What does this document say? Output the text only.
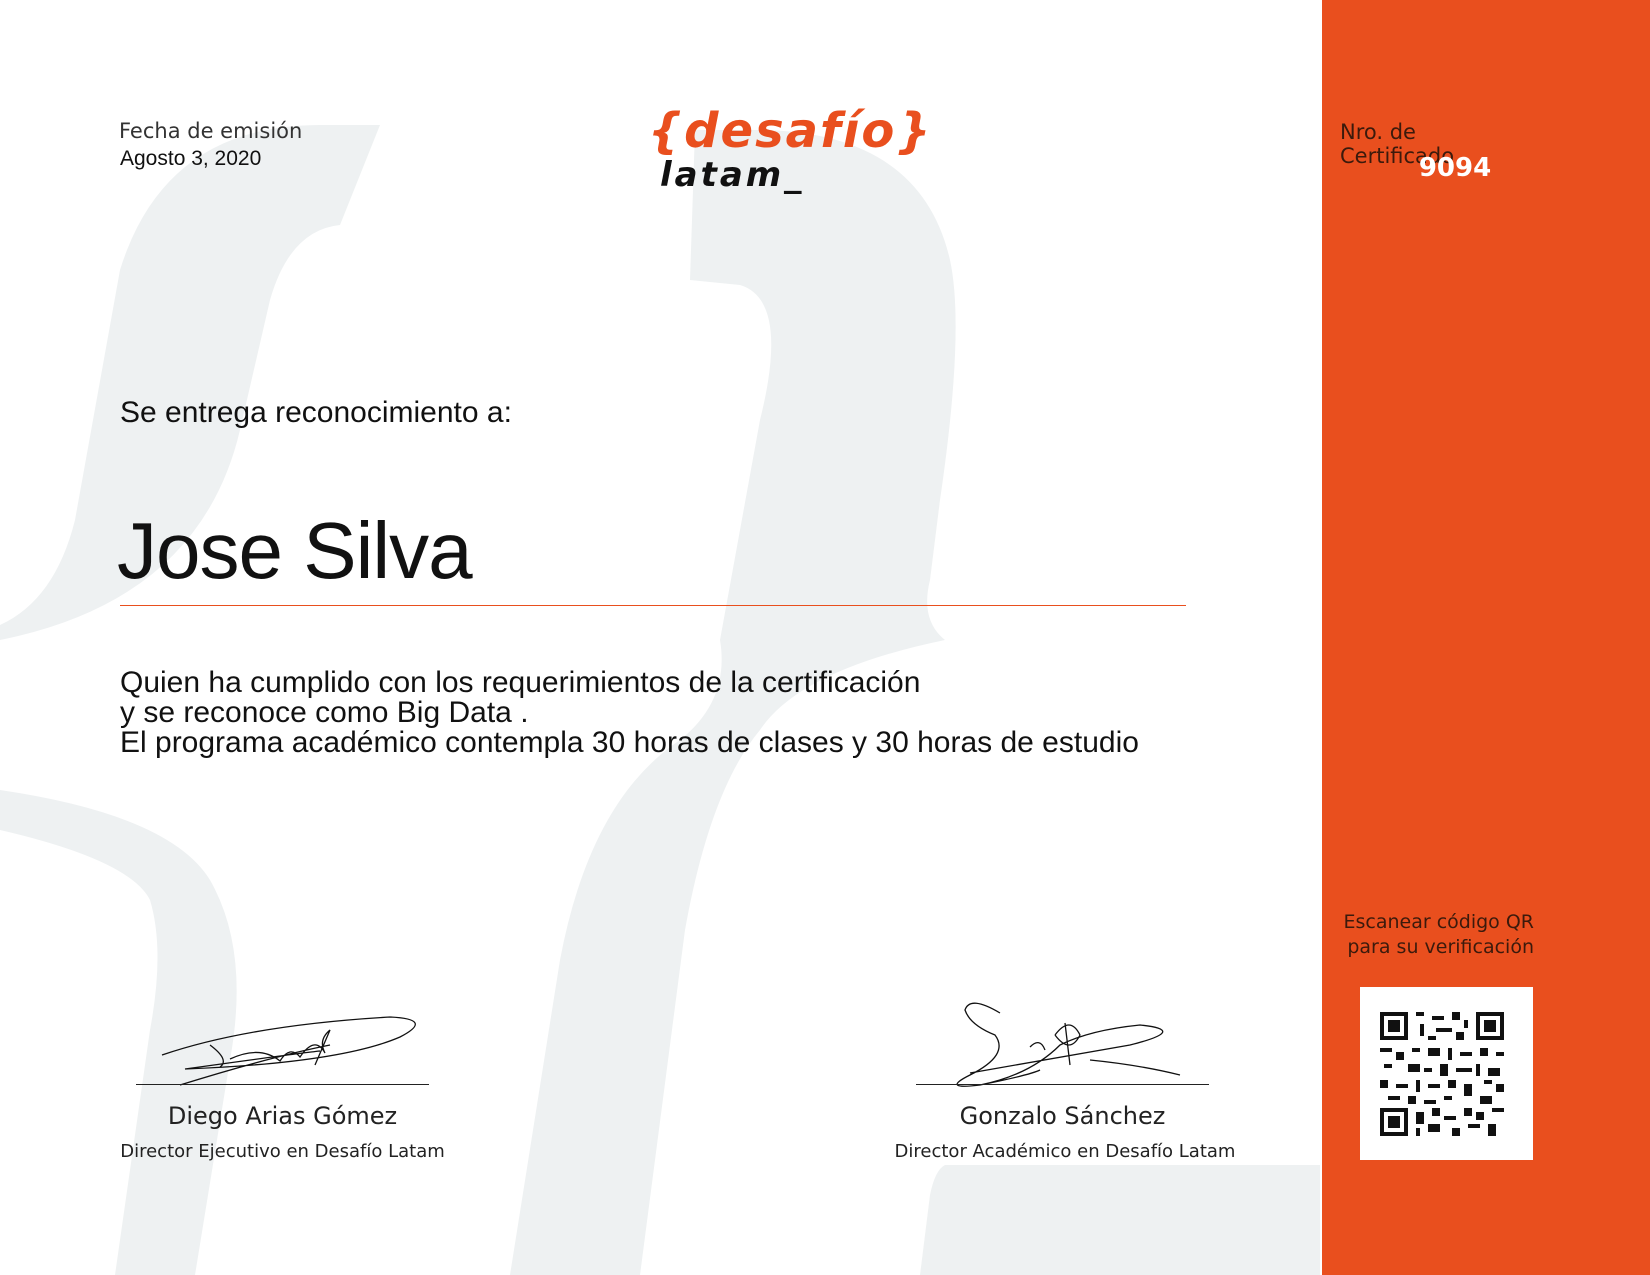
Fecha de emisión
Agosto 3, 2020	{desafío}
latam_
Nro. de Certificado
9094
Se entrega reconocimiento a:
Jose Silva
Quien ha cumplido con los requerimientos de la certificación
y se reconoce como Big Data .
El programa académico contempla 30 horas de clases y 30 horas de estudio
Diego Arias Gómez
Director Ejecutivo en Desafío Latam
Gonzalo Sánchez
Director Académico en Desafío Latam
Escanear código QR
para su verificación
